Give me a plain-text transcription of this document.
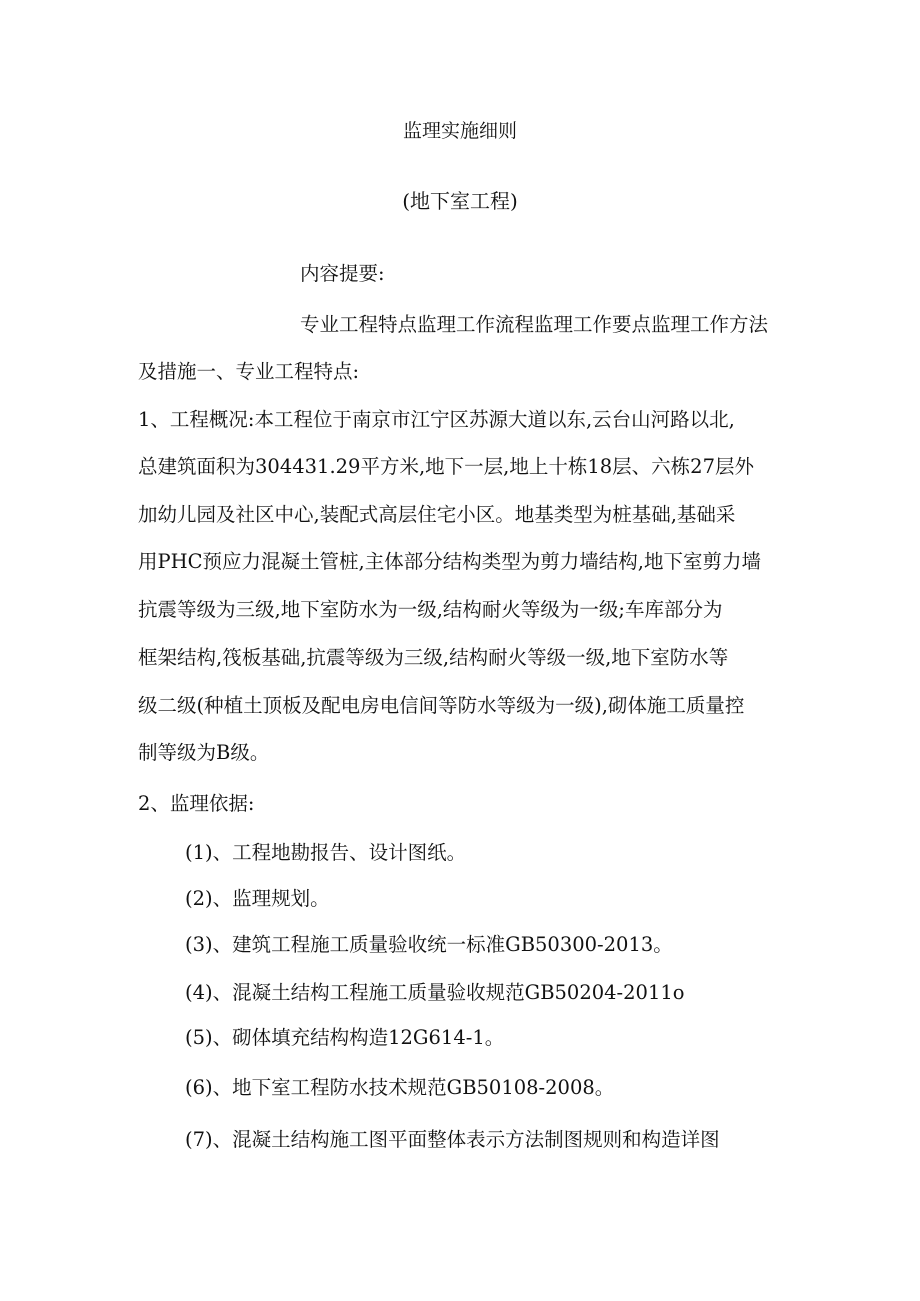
监理实施细则
(地下室工程)
内容提要:
专业工程特点监理工作流程监理工作要点监理工作方法
及措施一、专业工程特点:
1、工程概况:本工程位于南京市江宁区苏源大道以东,云台山河路以北,
总建筑面积为304431.29平方米,地下一层,地上十栋18层、六栋27层外
加幼儿园及社区中心,装配式高层住宅小区。地基类型为桩基础,基础采
用PHC预应力混凝土管桩,主体部分结构类型为剪力墙结构,地下室剪力墙
抗震等级为三级,地下室防水为一级,结构耐火等级为一级;车库部分为
框架结构,筏板基础,抗震等级为三级,结构耐火等级一级,地下室防水等
级二级(种植土顶板及配电房电信间等防水等级为一级),砌体施工质量控
制等级为B级。
2、监理依据:
(1)、工程地勘报告、设计图纸。
(2)、监理规划。
(3)、建筑工程施工质量验收统一标准GB50300-2013。
(4)、混凝土结构工程施工质量验收规范GB50204-2011o
(5)、砌体填充结构构造12G614-1。
(6)、地下室工程防水技术规范GB50108-2008。
(7)、混凝土结构施工图平面整体表示方法制图规则和构造详图
